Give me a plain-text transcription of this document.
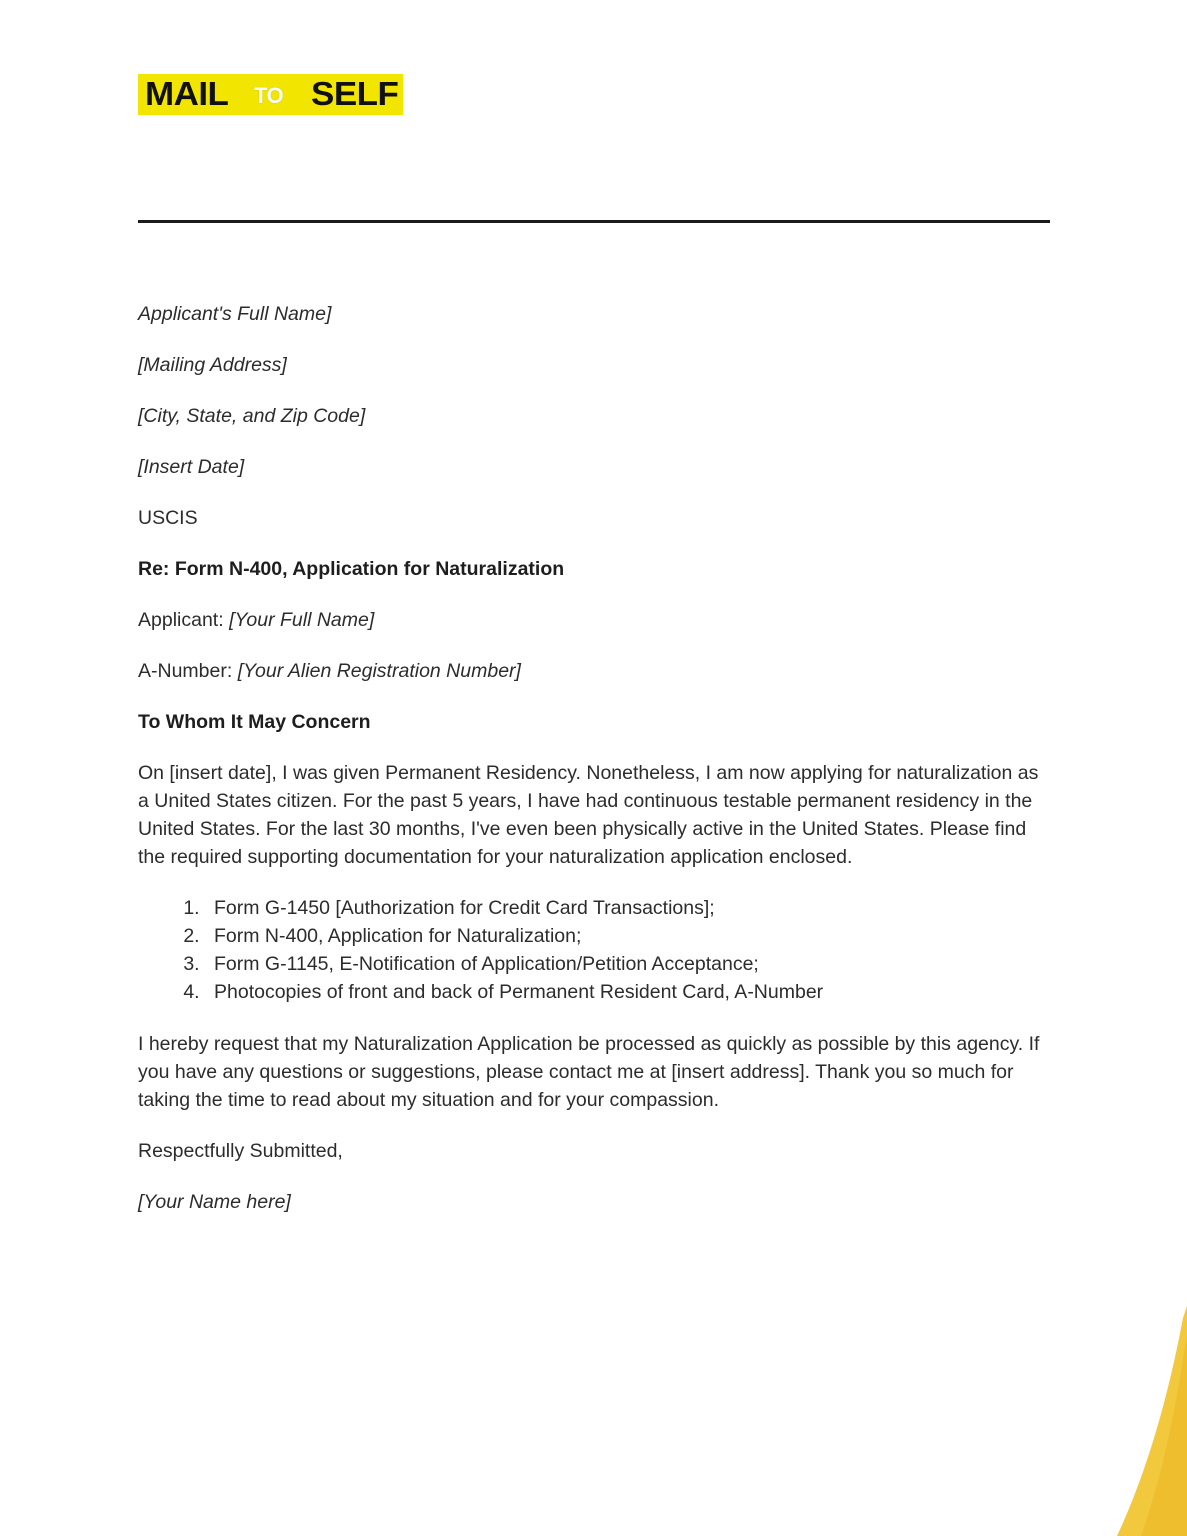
MAIL TO SELF

Applicant's Full Name]

[Mailing Address]

[City, State, and Zip Code]

[Insert Date]

USCIS

Re: Form N-400, Application for Naturalization

Applicant: [Your Full Name]

A-Number: [Your Alien Registration Number]

To Whom It May Concern

On [insert date], I was given Permanent Residency. Nonetheless, I am now applying for naturalization as a United States citizen. For the past 5 years, I have had continuous testable permanent residency in the United States. For the last 30 months, I've even been physically active in the United States. Please find the required supporting documentation for your naturalization application enclosed.

1. Form G-1450 [Authorization for Credit Card Transactions];
2. Form N-400, Application for Naturalization;
3. Form G-1145, E-Notification of Application/Petition Acceptance;
4. Photocopies of front and back of Permanent Resident Card, A-Number

I hereby request that my Naturalization Application be processed as quickly as possible by this agency. If you have any questions or suggestions, please contact me at [insert address]. Thank you so much for taking the time to read about my situation and for your compassion.

Respectfully Submitted,

[Your Name here]
